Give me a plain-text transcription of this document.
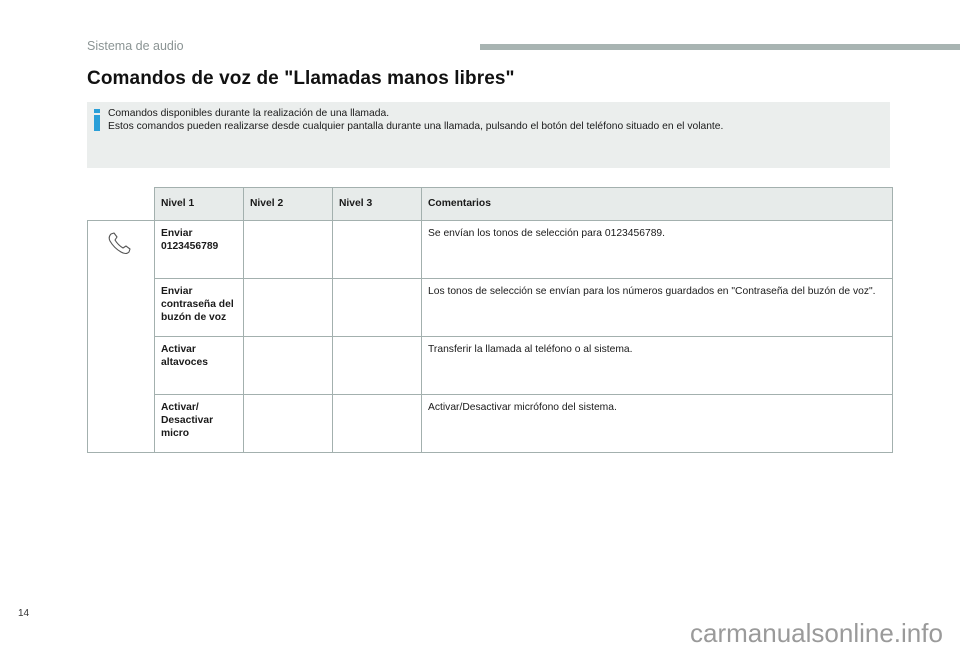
Sistema de audio
Comandos de voz de "Llamadas manos libres"
Comandos disponibles durante la realización de una llamada.
Estos comandos pueden realizarse desde cualquier pantalla durante una llamada, pulsando el botón del teléfono situado en el volante.
	Nivel 1	Nivel 2	Nivel 3	Comentarios

	Enviar 0123456789			Se envían los tonos de selección para 0123456789.
	Enviar contraseña del buzón de voz			Los tonos de selección se envían para los números guardados en "Contraseña del buzón de voz".
	Activar altavoces			Transferir la llamada al teléfono o al sistema.
	Activar/ Desactivar micro			Activar/Desactivar micrófono del sistema.
14
carmanualsonline.info
